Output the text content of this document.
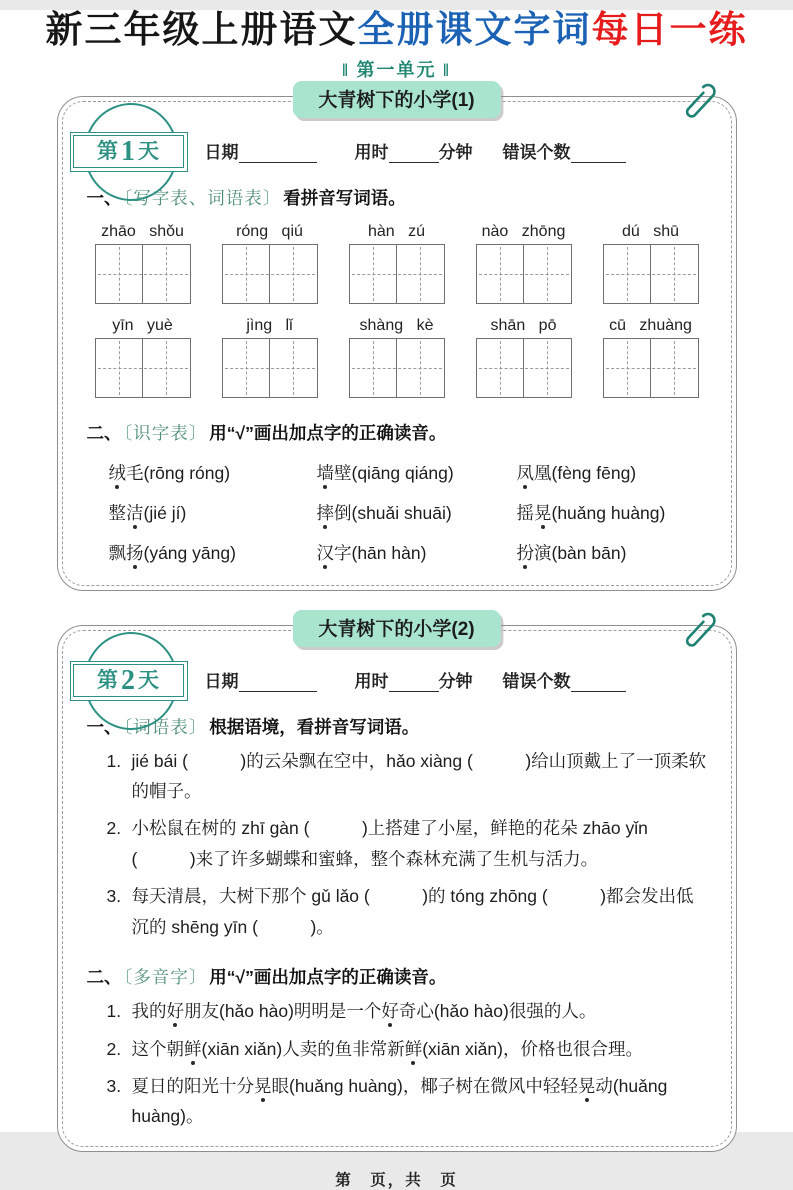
新三年级上册语文全册课文字词每日一练
‖ 第一单元 ‖
大青树下的小学(1)
第1天	日期	用时	分钟 错误个数
一、 〔写字表、词语表〕 看拼音写词语。
zhāo shǒu	róng qiú	hàn zú	nào zhōng	dú shū
yīn yuè	jìng lǐ	shàng kè	shān pō	cū zhuàng
二、 〔识字表〕 用“√”画出加点字的正确读音。
绒毛(rōng róng)	墙壁(qiāng qiáng)	凤凰(fèng fēng)
整洁(jié jí)	摔倒(shuǎi shuāi)	摇晃(huǎng huàng)
飘扬(yáng yāng)	汉字(hān hàn)	扮演(bàn bān)
大青树下的小学(2)
第2天	日期	用时	分钟 错误个数
一、 〔词语表〕 根据语境，看拼音写词语。
1. jié bái (　　　)的云朵飘在空中，hǎo xiàng (　　　)给山顶戴上了一顶柔软的帽子。
2. 小松鼠在树的 zhī gàn (　　　)上搭建了小屋，鲜艳的花朵 zhāo yǐn (　　　)来了许多蝴蝶和蜜蜂，整个森林充满了生机与活力。
3. 每天清晨，大树下那个 gǔ lǎo (　　　)的 tóng zhōng (　　　)都会发出低沉的 shēng yīn (　　　)。
二、 〔多音字〕 用“√”画出加点字的正确读音。
1. 我的好朋友(hǎo hào)明明是一个好奇心(hǎo hào)很强的人。
2. 这个朝鲜(xiān xiǎn)人卖的鱼非常新鲜(xiān xiǎn)，价格也很合理。
3. 夏日的阳光十分晃眼(huǎng huàng)，椰子树在微风中轻轻晃动(huǎng huàng)。
第　页，共　页
